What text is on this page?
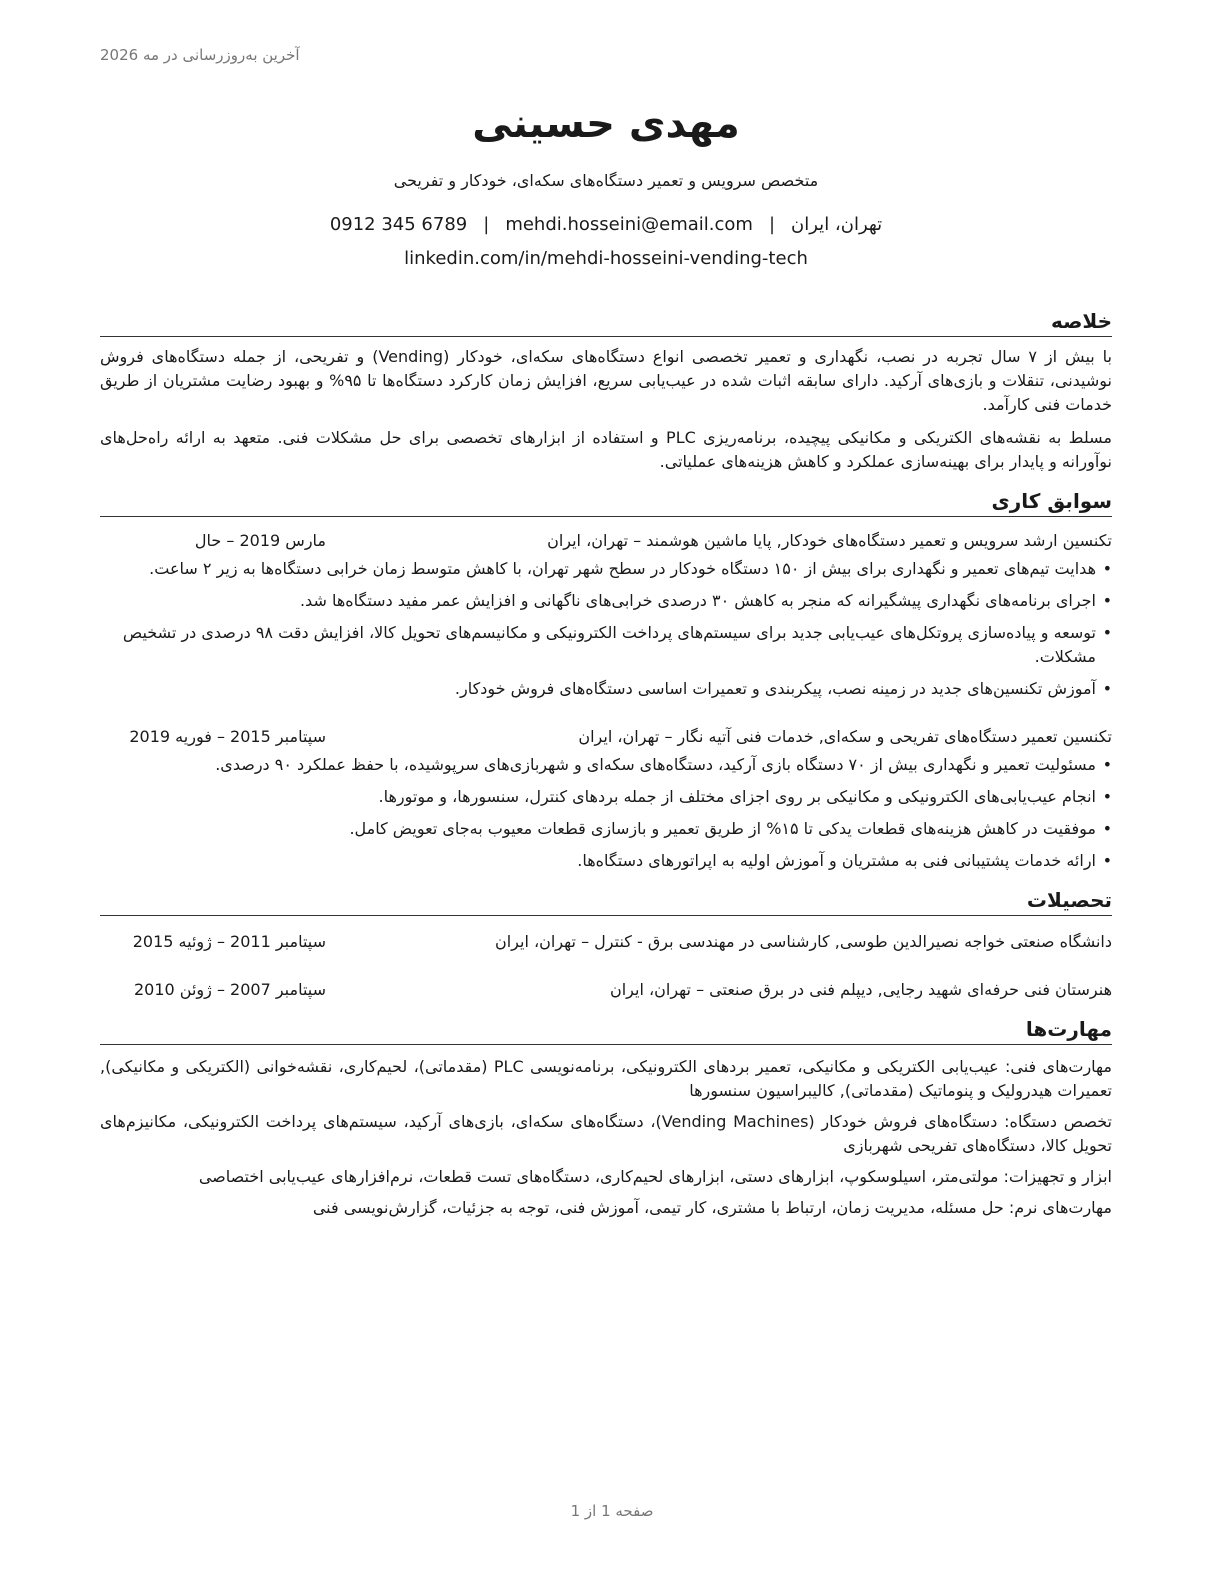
آخرین به‌روزرسانی در مه 2026
مهدی حسینی
متخصص سرویس و تعمیر دستگاه‌های سکه‌ای، خودکار و تفریحی
تهران، ایران
|
mehdi.hosseini@email.com
|
0912 345 6789
linkedin.com/in/mehdi-hosseini-vending-tech
خلاصه

با بیش از ۷ سال تجربه در نصب، نگهداری و تعمیر تخصصی انواع دستگاه‌های سکه‌ای، خودکار (Vending) و تفریحی، از جمله دستگاه‌های فروش نوشیدنی، تنقلات و بازی‌های آرکید. دارای سابقه اثبات شده در عیب‌یابی سریع، افزایش زمان کارکرد دستگاه‌ها تا ۹۵% و بهبود رضایت مشتریان از طریق خدمات فنی کارآمد.

مسلط به نقشه‌های الکتریکی و مکانیکی پیچیده، برنامه‌ریزی PLC و استفاده از ابزارهای تخصصی برای حل مشکلات فنی. متعهد به ارائه راه‌حل‌های نوآورانه و پایدار برای بهینه‌سازی عملکرد و کاهش هزینه‌های عملیاتی.

سوابق کاری
تکنسین ارشد سرویس و تعمیر دستگاه‌های خودکار, پایا ماشین هوشمند – تهران، ایران
مارس 2019 – حال
• هدایت تیم‌های تعمیر و نگهداری برای بیش از ۱۵۰ دستگاه خودکار در سطح شهر تهران، با کاهش متوسط زمان خرابی دستگاه‌ها به زیر ۲ ساعت.
• اجرای برنامه‌های نگهداری پیشگیرانه که منجر به کاهش ۳۰ درصدی خرابی‌های ناگهانی و افزایش عمر مفید دستگاه‌ها شد.
• توسعه و پیاده‌سازی پروتکل‌های عیب‌یابی جدید برای سیستم‌های پرداخت الکترونیکی و مکانیسم‌های تحویل کالا، افزایش دقت ۹۸ درصدی در تشخیص مشکلات.
• آموزش تکنسین‌های جدید در زمینه نصب، پیکربندی و تعمیرات اساسی دستگاه‌های فروش خودکار.
تکنسین تعمیر دستگاه‌های تفریحی و سکه‌ای, خدمات فنی آتیه نگار – تهران، ایران
سپتامبر 2015 – فوریه 2019
• مسئولیت تعمیر و نگهداری بیش از ۷۰ دستگاه بازی آرکید، دستگاه‌های سکه‌ای و شهربازی‌های سرپوشیده، با حفظ عملکرد ۹۰ درصدی.
• انجام عیب‌یابی‌های الکترونیکی و مکانیکی بر روی اجزای مختلف از جمله بردهای کنترل، سنسورها، و موتورها.
• موفقیت در کاهش هزینه‌های قطعات یدکی تا ۱۵% از طریق تعمیر و بازسازی قطعات معیوب به‌جای تعویض کامل.
• ارائه خدمات پشتیبانی فنی به مشتریان و آموزش اولیه به اپراتورهای دستگاه‌ها.
تحصیلات
دانشگاه صنعتی خواجه نصیرالدین طوسی, کارشناسی در مهندسی برق - کنترل – تهران، ایران
سپتامبر 2011 – ژوئیه 2015
هنرستان فنی حرفه‌ای شهید رجایی, دیپلم فنی در برق صنعتی – تهران، ایران
سپتامبر 2007 – ژوئن 2010
مهارت‌ها
مهارت‌های فنی: عیب‌یابی الکتریکی و مکانیکی، تعمیر بردهای الکترونیکی، برنامه‌نویسی PLC (مقدماتی)، لحیم‌کاری، نقشه‌خوانی (الکتریکی و مکانیکی), تعمیرات هیدرولیک و پنوماتیک (مقدماتی), کالیبراسیون سنسورها
تخصص دستگاه: دستگاه‌های فروش خودکار (Vending Machines)، دستگاه‌های سکه‌ای، بازی‌های آرکید، سیستم‌های پرداخت الکترونیکی، مکانیزم‌های تحویل کالا، دستگاه‌های تفریحی شهربازی
ابزار و تجهیزات: مولتی‌متر، اسیلوسکوپ، ابزارهای دستی، ابزارهای لحیم‌کاری، دستگاه‌های تست قطعات، نرم‌افزارهای عیب‌یابی اختصاصی
مهارت‌های نرم: حل مسئله، مدیریت زمان، ارتباط با مشتری، کار تیمی، آموزش فنی، توجه به جزئیات، گزارش‌نویسی فنی
صفحه 1 از 1
